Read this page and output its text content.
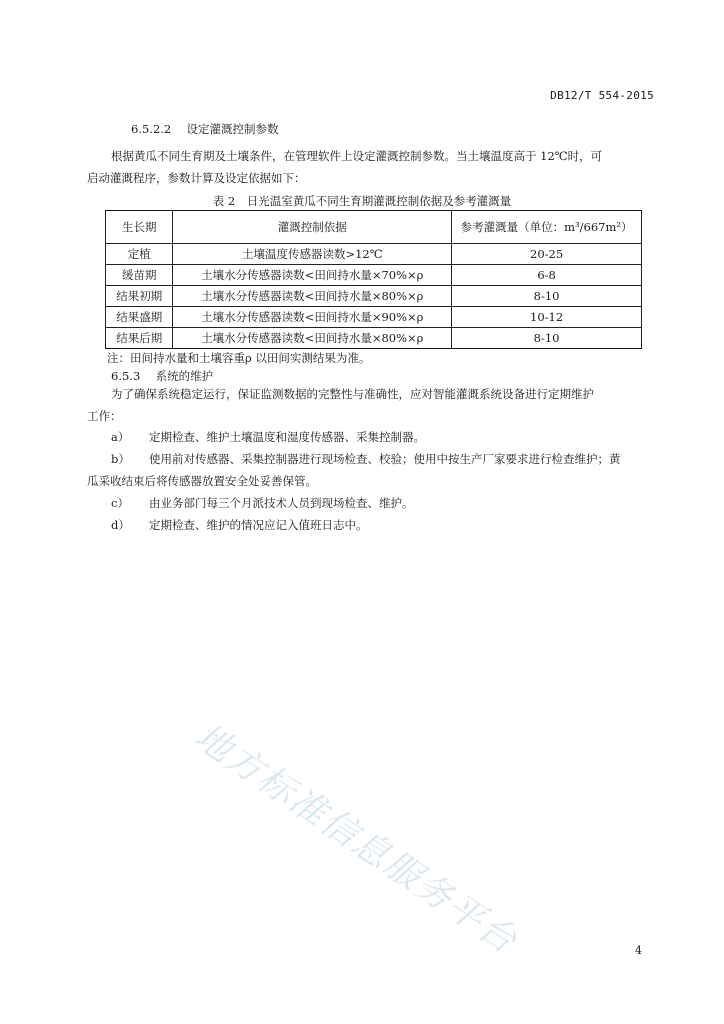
DB12/T 554-2015
6.5.2.2 设定灌溉控制参数
根据黄瓜不同生育期及土壤条件，在管理软件上设定灌溉控制参数。当土壤温度高于 12℃时，可
启动灌溉程序，参数计算及设定依据如下：
表 2　日光温室黄瓜不同生育期灌溉控制依据及参考灌溉量
生长期	灌溉控制依据	参考灌溉量（单位：m³/667m²）
定植	土壤温度传感器读数>12℃	20-25
缓苗期	土壤水分传感器读数<田间持水量×70%×ρ	6-8
结果初期	土壤水分传感器读数<田间持水量×80%×ρ	8-10
结果盛期	土壤水分传感器读数<田间持水量×90%×ρ	10-12
结果后期	土壤水分传感器读数<田间持水量×80%×ρ	8-10
注：田间持水量和土壤容重ρ 以田间实测结果为准。
6.5.3 系统的维护
为了确保系统稳定运行，保证监测数据的完整性与准确性，应对智能灌溉系统设备进行定期维护
工作：
a） 定期检查、维护土壤温度和湿度传感器、采集控制器。
b） 使用前对传感器、采集控制器进行现场检查、校验；使用中按生产厂家要求进行检查维护；黄
瓜采收结束后将传感器放置安全处妥善保管。
c） 由业务部门每三个月派技术人员到现场检查、维护。
d） 定期检查、维护的情况应记入值班日志中。
地方标准信息服务平台	4
